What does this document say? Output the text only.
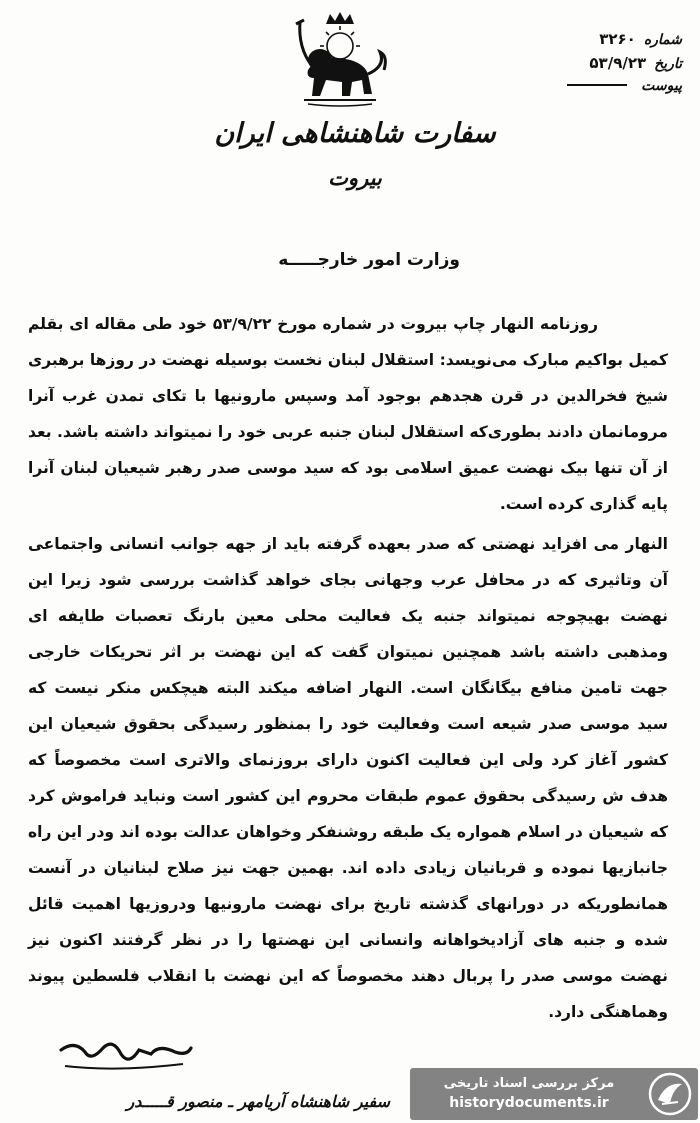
شماره
۳۲۶۰
تاریخ
۵۳/۹/۲۳
پیوست
سفارت شاهنشاهی ایران
بیروت
وزارت امور خارجـــــه

روزنامه النهار چاپ بیروت در شماره مورخ ۵۳/۹/۲۲ خود طی مقاله ای بقلم کمیل بواکیم مبارک می‌نویسد: استقلال لبنان نخست بوسیله نهضت در روزها برهبری شیخ فخرالدین در قرن هجدهم بوجود آمد وسپس مارونیها با تکای تمدن غرب آنرا مرومانمان دادند بطوری‌که استقلال لبنان جنبه عربی خود را نمیتواند داشته باشد. بعد از آن تنها بیک نهضت عمیق اسلامی بود که سید موسی صدر رهبر شیعیان لبنان آنرا پایه گذاری کرده است.

النهار می افزاید نهضتی که صدر بعهده گرفته باید از جهه جوانب انسانی واجتماعی آن وتاثیری که در محافل عرب وجهانی بجای خواهد گذاشت بررسی شود زیرا این نهضت بهیچوجه نمیتواند جنبه یک فعالیت محلی معین بارنگ تعصبات طایفه ای ومذهبی داشته باشد همچنین نمیتوان گفت که این نهضت بر اثر تحریکات خارجی جهت تامین منافع بیگانگان است. النهار اضافه میکند البته هیچکس منکر نیست که سید موسی صدر شیعه است وفعالیت خود را بمنظور رسیدگی بحقوق شیعیان این کشور آغاز کرد ولی این فعالیت اکنون دارای بروزنمای والاتری است مخصوصاً که هدف ش رسیدگی بحقوق عموم طبقات محروم این کشور است ونباید فراموش کرد که شیعیان در اسلام همواره یک طبقه روشنفکر وخواهان عدالت بوده اند ودر این راه جانبازیها نموده و قربانیان زیادی داده اند. بهمین جهت نیز صلاح لبنانیان در آنست همانطوریکه در دورانهای گذشته تاریخ برای نهضت مارونیها ودروزیها اهمیت قائل شده و جنبه های آزادیخواهانه وانسانی این نهضتها را در نظر گرفتند اکنون نیز نهضت موسی صدر را پربال دهند مخصوصاً که این نهضت با انقلاب فلسطین پیوند وهماهنگی دارد.

سفیر شاهنشاه آریامهر ـ منصور قـــــدر
مرکز بررسی اسناد تاریخی
historydocuments.ir
